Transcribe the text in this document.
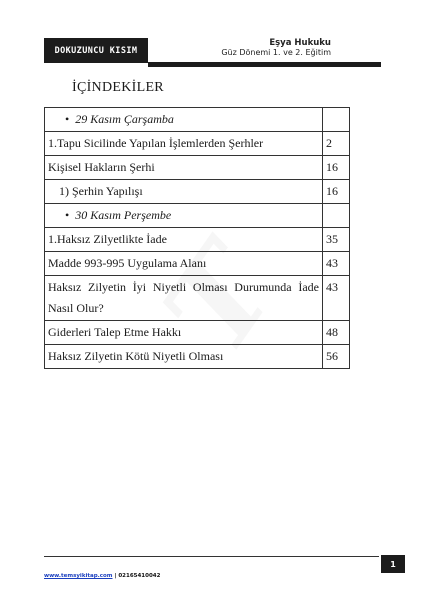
DOKUZUNCU KISIM
Eşya Hukuku
Güz Dönemi 1. ve 2. Eğitim
İÇİNDEKİLER
• 29 Kasım Çarşamba	
1.Tapu Sicilinde Yapılan İşlemlerden Şerhler	2
Kişisel Hakların Şerhi	16
1) Şerhin Yapılışı	16
• 30 Kasım Perşembe	
1.Haksız Zilyetlikte İade	35
Madde 993-995 Uygulama Alanı	43
Haksız Zilyetin İyi Niyetli Olması Durumunda İade Nasıl Olur?	43
Giderleri Talep Etme Hakkı	48
Haksız Zilyetin Kötü Niyetli Olması	56
1
www.temsyikitap.com | 02165410042
